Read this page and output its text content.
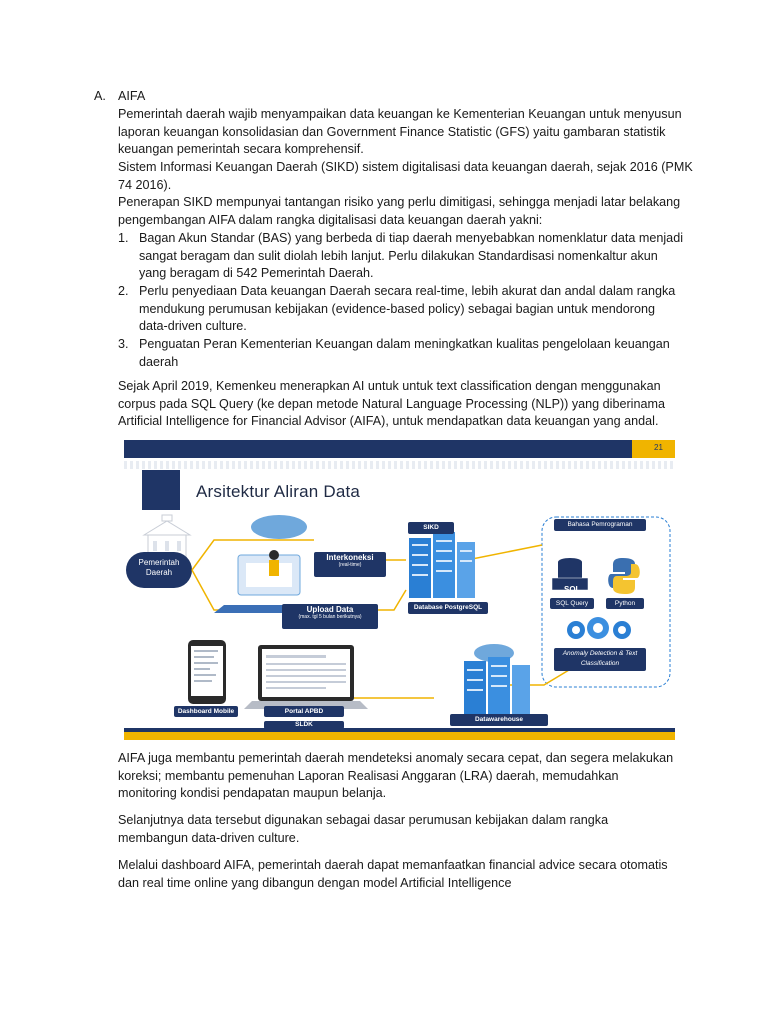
A. AIFA

Pemerintah daerah wajib menyampaikan data keuangan ke Kementerian Keuangan untuk menyusun laporan keuangan konsolidasian dan Government Finance Statistic (GFS) yaitu gambaran statistik keuangan pemerintah secara komprehensif.

Sistem Informasi Keuangan Daerah (SIKD) sistem digitalisasi data keuangan daerah, sejak 2016 (PMK 74 2016).

Penerapan SIKD mempunyai tantangan risiko yang perlu dimitigasi, sehingga menjadi latar belakang pengembangan AIFA dalam rangka digitalisasi data keuangan daerah yakni:

1. Bagan Akun Standar (BAS) yang berbeda di tiap daerah menyebabkan nomenklatur data menjadi sangat beragam dan sulit diolah lebih lanjut. Perlu dilakukan Standardisasi nomenkaltur akun yang beragam di 542 Pemerintah Daerah.

2. Perlu penyediaan Data keuangan Daerah secara real-time, lebih akurat dan andal dalam rangka mendukung perumusan kebijakan (evidence-based policy) sebagai bagian untuk mendorong data-driven culture.

3. Penguatan Peran Kementerian Keuangan dalam meningkatkan kualitas pengelolaan keuangan daerah

Sejak April 2019, Kemenkeu menerapkan AI untuk untuk text classification dengan menggunakan corpus pada SQL Query (ke depan metode Natural Language Processing (NLP)) yang diberinama Artificial Intelligence for Financial Advisor (AIFA), untuk mendapatkan data keuangan yang andal.

21
Arsitektur Aliran Data
Pemerintah
Daerah
Interkoneksi
(real-time)
Upload Data
(max. tgl 5 bulan berikutnya)
SIKD
Database PostgreSQL
Bahasa Pemrograman
SQL
SQL Query	Python
Anomaly Detection & Text Classification
Datawarehouse
Dashboard Mobile	Portal APBD
SLDK

AIFA juga membantu pemerintah daerah mendeteksi anomaly secara cepat, dan segera melakukan koreksi; membantu pemenuhan Laporan Realisasi Anggaran (LRA) daerah, memudahkan monitoring kondisi pendapatan maupun belanja.

Selanjutnya data tersebut digunakan sebagai dasar perumusan kebijakan dalam rangka membangun data-driven culture.

Melalui dashboard AIFA, pemerintah daerah dapat memanfaatkan financial advice secara otomatis dan real time online yang dibangun dengan model Artificial Intelligence
